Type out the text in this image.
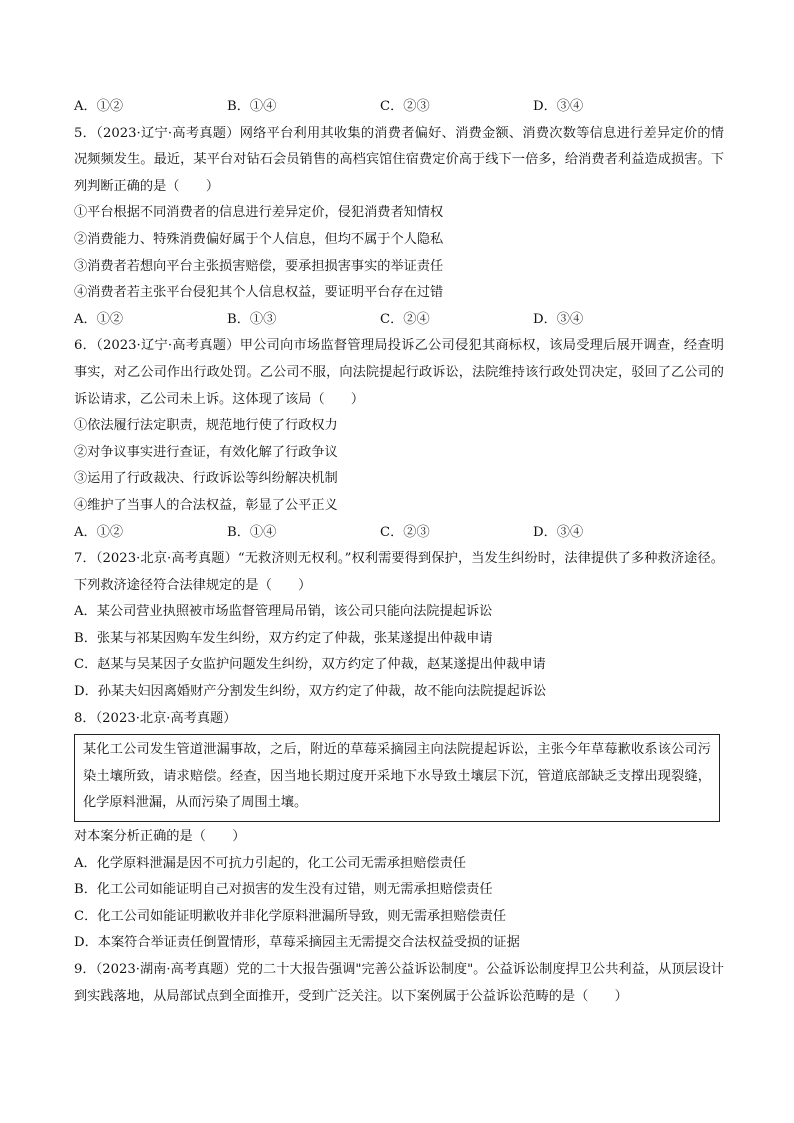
A．①②	B．①④	C．②③	D．③④
5．（2023·辽宁·高考真题）网络平台利用其收集的消费者偏好、消费金额、消费次数等信息进行差异定价的情况频频发生。最近，某平台对钻石会员销售的高档宾馆住宿费定价高于线下一倍多，给消费者利益造成损害。下列判断正确的是（　　）
①平台根据不同消费者的信息进行差异定价，侵犯消费者知情权
②消费能力、特殊消费偏好属于个人信息，但均不属于个人隐私
③消费者若想向平台主张损害赔偿，要承担损害事实的举证责任
④消费者若主张平台侵犯其个人信息权益，要证明平台存在过错
A．①②	B．①③	C．②④	D．③④
6．（2023·辽宁·高考真题）甲公司向市场监督管理局投诉乙公司侵犯其商标权，该局受理后展开调查，经查明事实，对乙公司作出行政处罚。乙公司不服，向法院提起行政诉讼，法院维持该行政处罚决定，驳回了乙公司的诉讼请求，乙公司未上诉。这体现了该局（　　）
①依法履行法定职责，规范地行使了行政权力
②对争议事实进行查证，有效化解了行政争议
③运用了行政裁决、行政诉讼等纠纷解决机制
④维护了当事人的合法权益，彰显了公平正义
A．①②	B．①④	C．②③	D．③④
7．（2023·北京·高考真题）“无救济则无权利。”权利需要得到保护，当发生纠纷时，法律提供了多种救济途径。下列救济途径符合法律规定的是（　　）
A．某公司营业执照被市场监督管理局吊销，该公司只能向法院提起诉讼
B．张某与祁某因购车发生纠纷，双方约定了仲裁，张某遂提出仲裁申请
C．赵某与吴某因子女监护问题发生纠纷，双方约定了仲裁，赵某遂提出仲裁申请
D．孙某夫妇因离婚财产分割发生纠纷，双方约定了仲裁，故不能向法院提起诉讼
8．（2023·北京·高考真题）
某化工公司发生管道泄漏事故，之后，附近的草莓采摘园主向法院提起诉讼，主张今年草莓歉收系该公司污染土壤所致，请求赔偿。经查，因当地长期过度开采地下水导致土壤层下沉，管道底部缺乏支撑出现裂缝，化学原料泄漏，从而污染了周围土壤。
对本案分析正确的是（　　）
A．化学原料泄漏是因不可抗力引起的，化工公司无需承担赔偿责任
B．化工公司如能证明自己对损害的发生没有过错，则无需承担赔偿责任
C．化工公司如能证明歉收并非化学原料泄漏所导致，则无需承担赔偿责任
D．本案符合举证责任倒置情形，草莓采摘园主无需提交合法权益受损的证据
9．（2023·湖南·高考真题）党的二十大报告强调"完善公益诉讼制度"。公益诉讼制度捍卫公共利益，从顶层设计到实践落地，从局部试点到全面推开，受到广泛关注。以下案例属于公益诉讼范畴的是（　　）
